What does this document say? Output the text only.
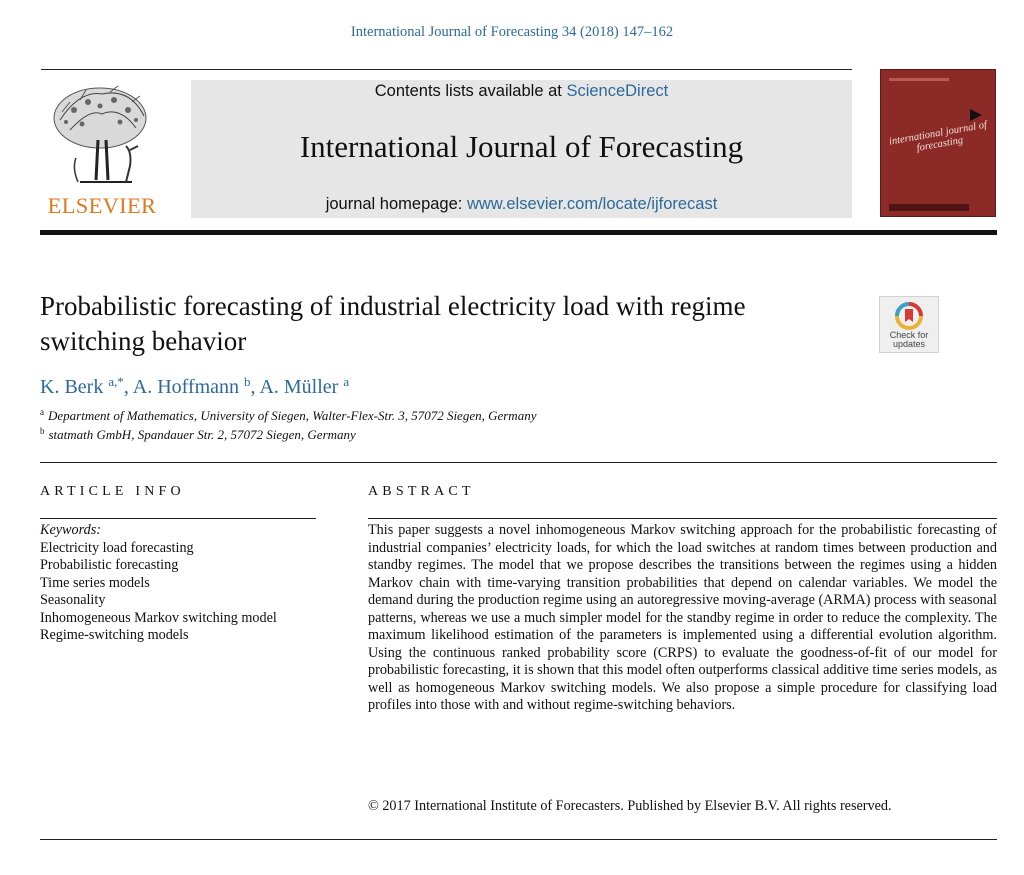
International Journal of Forecasting 34 (2018) 147–162
ELSEVIER
Contents lists available at ScienceDirect
International Journal of Forecasting
journal homepage: www.elsevier.com/locate/ijforecast
international journal of forecasting
Probabilistic forecasting of industrial electricity load with regime switching behavior	Check for
updates
K. Berk $^{a,*}$, A. Hoffmann $^b$, A. Müller $^a$
$^a$ Department of Mathematics, University of Siegen, Walter-Flex-Str. 3, 57072 Siegen, Germany
$^b$ statmath GmbH, Spandauer Str. 2, 57072 Siegen, Germany
ARTICLE INFO
Keywords:
Electricity load forecasting
Probabilistic forecasting
Time series models
Seasonality
Inhomogeneous Markov switching model
Regime-switching models
ABSTRACT

This paper suggests a novel inhomogeneous Markov switching approach for the probabilistic forecasting of industrial companies’ electricity loads, for which the load switches at random times between production and standby regimes. The model that we propose describes the transitions between the regimes using a hidden Markov chain with time-varying transition probabilities that depend on calendar variables. We model the demand during the production regime using an autoregressive moving-average (ARMA) process with seasonal patterns, whereas we use a much simpler model for the standby regime in order to reduce the complexity. The maximum likelihood estimation of the parameters is implemented using a differential evolution algorithm. Using the continuous ranked probability score (CRPS) to evaluate the goodness-of-fit of our model for probabilistic forecasting, it is shown that this model often outperforms classical additive time series models, as well as homogeneous Markov switching models. We also propose a simple procedure for classifying load profiles into those with and without regime-switching behaviors.

© 2017 International Institute of Forecasters. Published by Elsevier B.V. All rights reserved.
